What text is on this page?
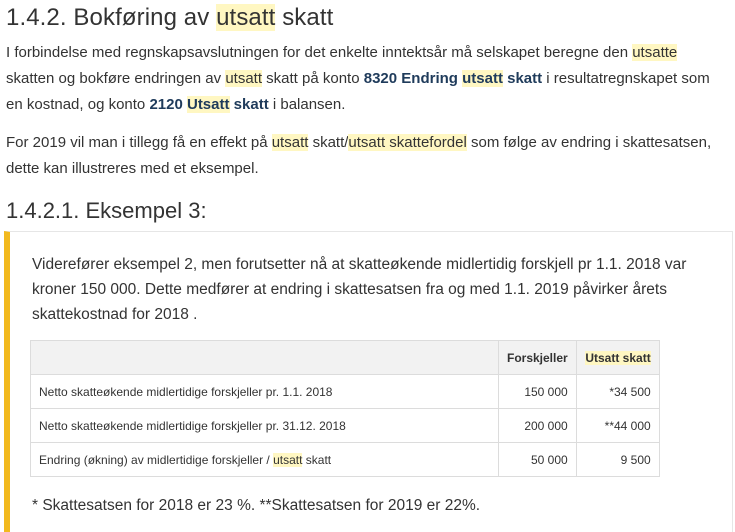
1.4.2. Bokføring av utsatt skatt

I forbindelse med regnskapsavslutningen for det enkelte inntektsår må selskapet beregne den utsatte skatten og bokføre endringen av utsatt skatt på konto 8320 Endring utsatt skatt i resultatregnskapet som en kostnad, og konto 2120 Utsatt skatt i balansen.

For 2019 vil man i tillegg få en effekt på utsatt skatt/utsatt skattefordel som følge av endring i skattesatsen, dette kan illustreres med et eksempel.

1.4.2.1. Eksempel 3:

Viderefører eksempel 2, men forutsetter nå at skatteøkende midlertidig forskjell pr 1.1. 2018 var kroner 150 000. Dette medfører at endring i skattesatsen fra og med 1.1. 2019 påvirker årets skattekostnad for 2018 .

	Forskjeller	Utsatt skatt
Netto skatteøkende midlertidige forskjeller pr. 1.1. 2018	150 000	*34 500
Netto skatteøkende midlertidige forskjeller pr. 31.12. 2018	200 000	**44 000
Endring (økning) av midlertidige forskjeller / utsatt skatt	50 000	9 500

* Skattesatsen for 2018 er 23 %. **Skattesatsen for 2019 er 22%.
